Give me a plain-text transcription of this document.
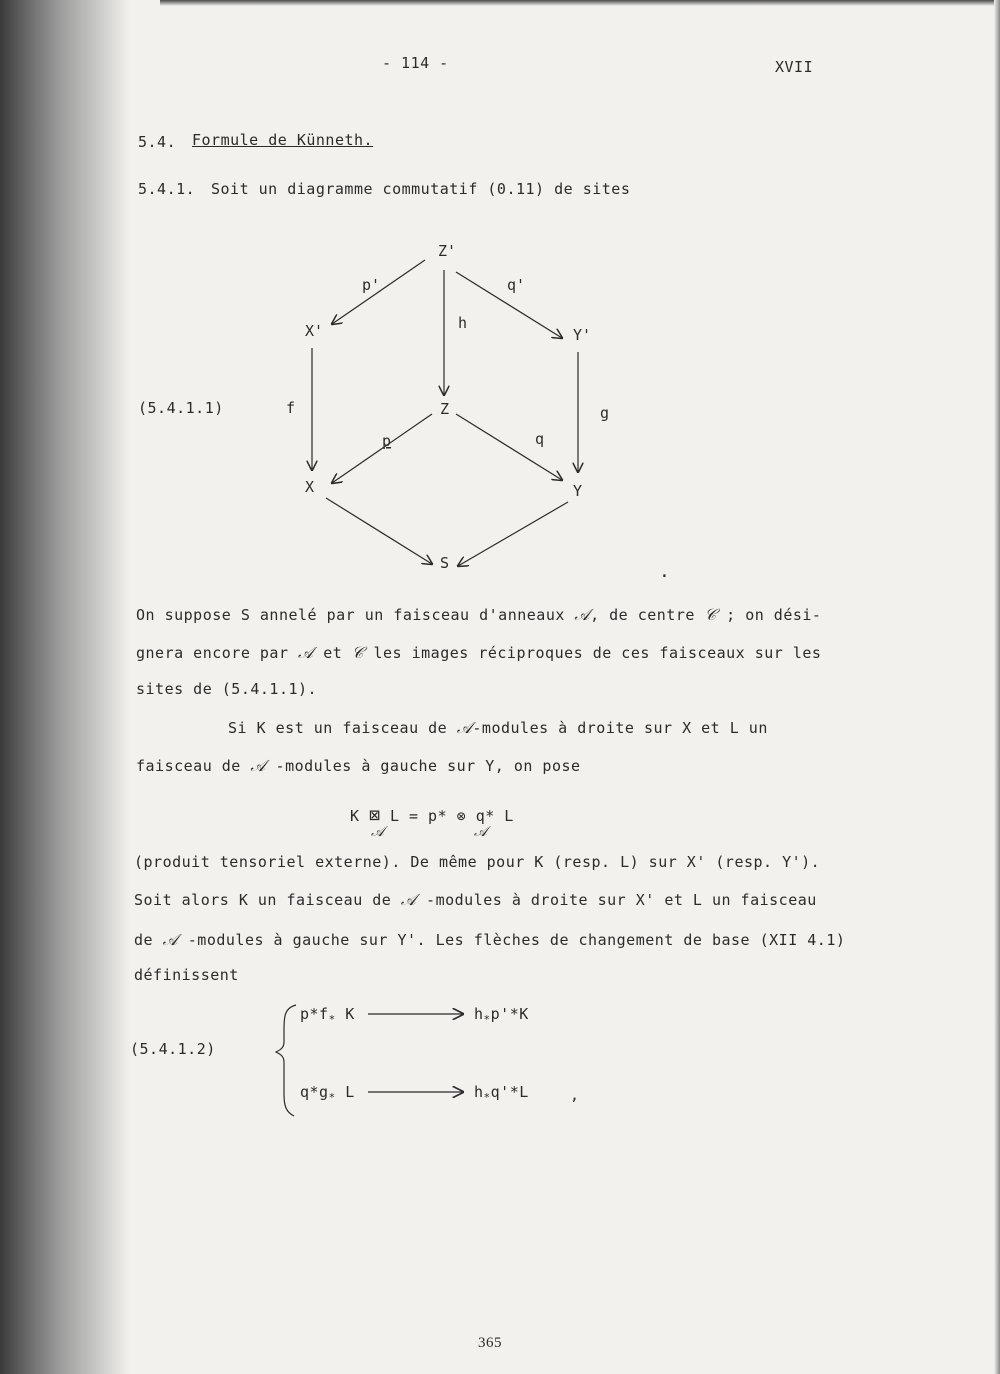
- 114 -	XVII
5.4. Formule de Künneth.
5.4.1. Soit un diagramme commutatif (0.11) de sites
Z'
X'	Y'
Z
X	Y
S
p'	q'
h
f	g
p	q
.
(5.4.1.1)
On suppose S annelé par un faisceau d'anneaux 𝒜, de centre 𝒞 ; on dési-
gnera encore par 𝒜 et 𝒞 les images réciproques de ces faisceaux sur les
sites de (5.4.1.1).
Si K est un faisceau de 𝒜-modules à droite sur X et L un
faisceau de 𝒜 -modules à gauche sur Y, on pose
K ⊠ L = p* ⊗ q* L
𝒜	𝒜
(produit tensoriel externe). De même pour K (resp. L) sur X' (resp. Y').
Soit alors K un faisceau de 𝒜 -modules à droite sur X' et L un faisceau
de 𝒜 -modules à gauche sur Y'. Les flèches de changement de base (XII 4.1)
définissent
(5.4.1.2)
$p*f_*$ K	$h_*p'*K$
$q*g_*$ L	$h_*q'*L$	,
365
